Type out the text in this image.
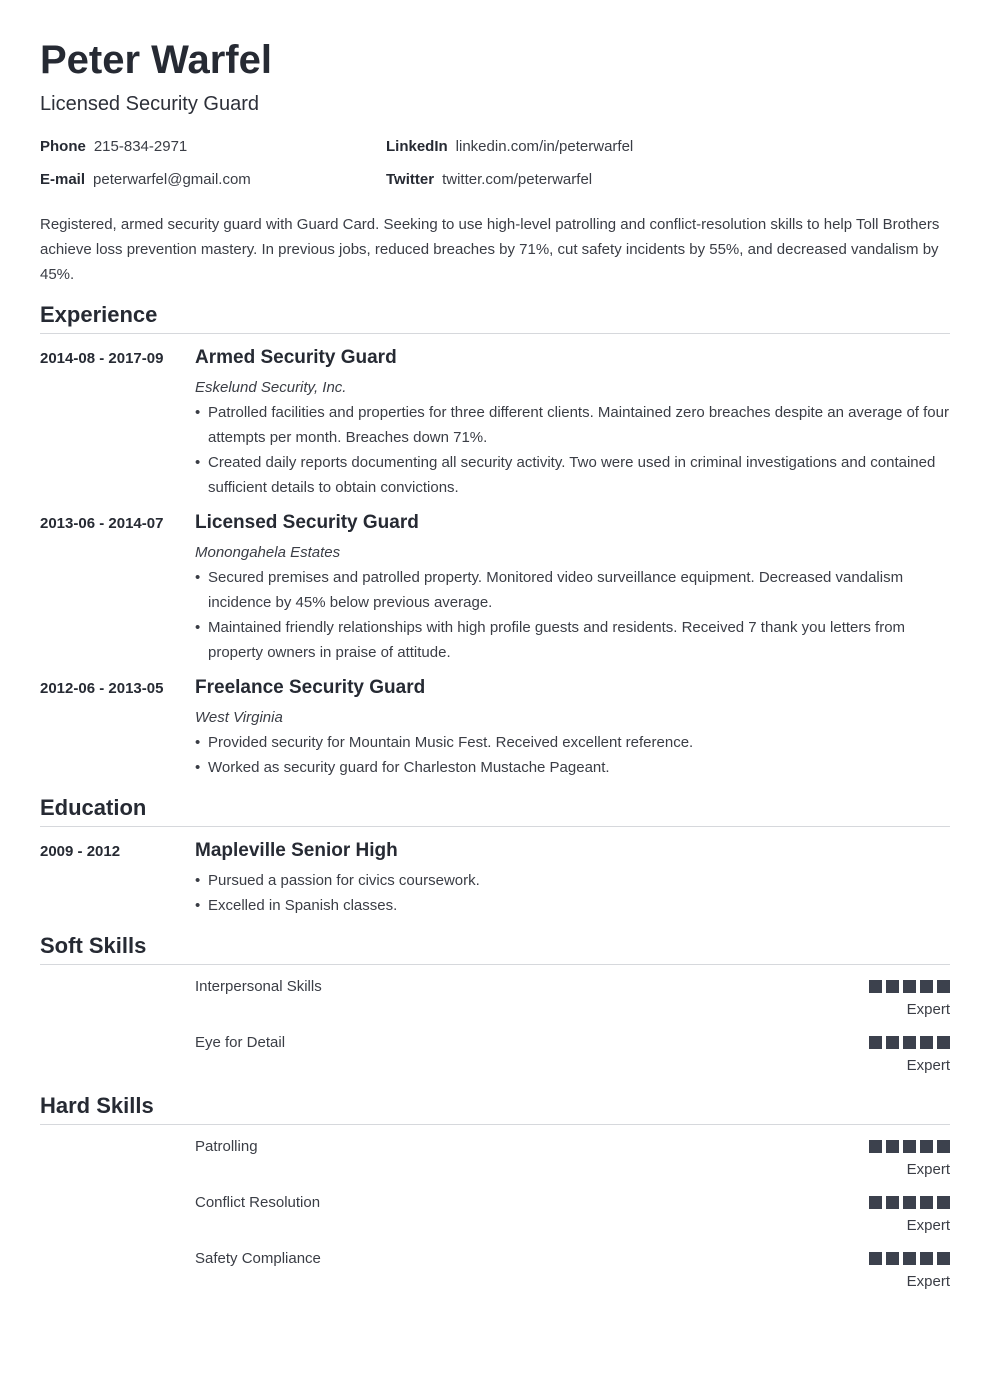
Peter Warfel
Licensed Security Guard
Phone 215-834-2971
E-mail peterwarfel@gmail.com
LinkedIn linkedin.com/in/peterwarfel
Twitter twitter.com/peterwarfel
Registered, armed security guard with Guard Card. Seeking to use high-level patrolling and conflict-resolution skills to help Toll Brothers achieve loss prevention mastery. In previous jobs, reduced breaches by 71%, cut safety incidents by 55%, and decreased vandalism by 45%.
Experience
2014-08 - 2017-09 Armed Security Guard
Eskelund Security, Inc.
• Patrolled facilities and properties for three different clients. Maintained zero breaches despite an average of four attempts per month. Breaches down 71%.
• Created daily reports documenting all security activity. Two were used in criminal investigations and contained sufficient details to obtain convictions.
2013-06 - 2014-07 Licensed Security Guard
Monongahela Estates
• Secured premises and patrolled property. Monitored video surveillance equipment. Decreased vandalism incidence by 45% below previous average.
• Maintained friendly relationships with high profile guests and residents. Received 7 thank you letters from property owners in praise of attitude.
2012-06 - 2013-05 Freelance Security Guard
West Virginia
• Provided security for Mountain Music Fest. Received excellent reference.
• Worked as security guard for Charleston Mustache Pageant.
Education
2009 - 2012	Mapleville Senior High
• Pursued a passion for civics coursework.
• Excelled in Spanish classes.
Soft Skills
Interpersonal Skills
Expert
Eye for Detail
Expert
Hard Skills
Patrolling
Expert
Conflict Resolution
Expert
Safety Compliance
Expert
